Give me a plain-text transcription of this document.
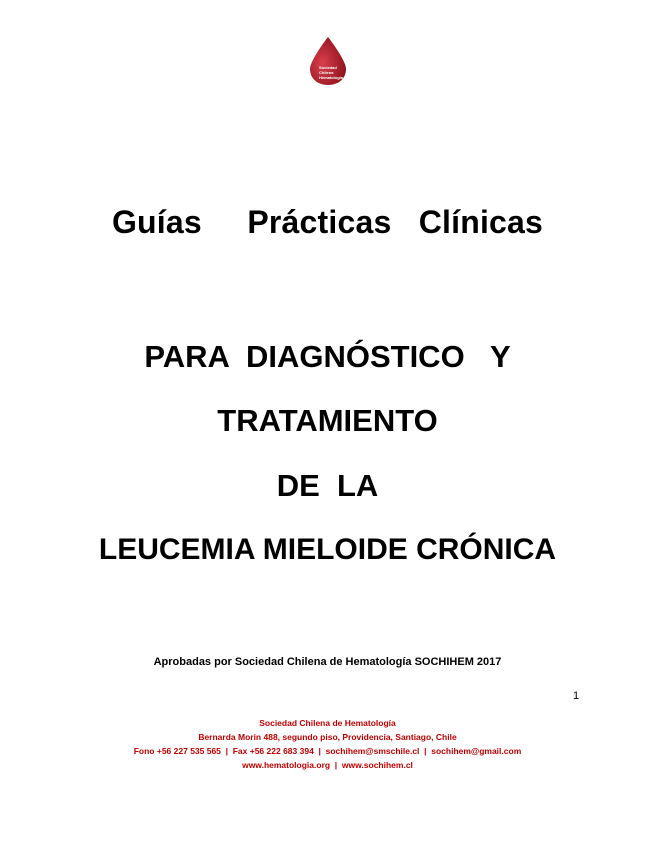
Sociedad
Chilena
Hematologia
Guías     Prácticas   Clínicas
PARA  DIAGNÓSTICO   Y
TRATAMIENTO
DE  LA
LEUCEMIA MIELOIDE CRÓNICA
Aprobadas por Sociedad Chilena de Hematología SOCHIHEM 2017
1
Sociedad Chilena de Hematología
Bernarda Morin 488, segundo piso, Providencia, Santiago, Chile
Fono +56 227 535 565  |  Fax +56 222 683 394  |  sochihem@smschile.cl  |  sochihem@gmail.com
www.hematologia.org  |  www.sochihem.cl
